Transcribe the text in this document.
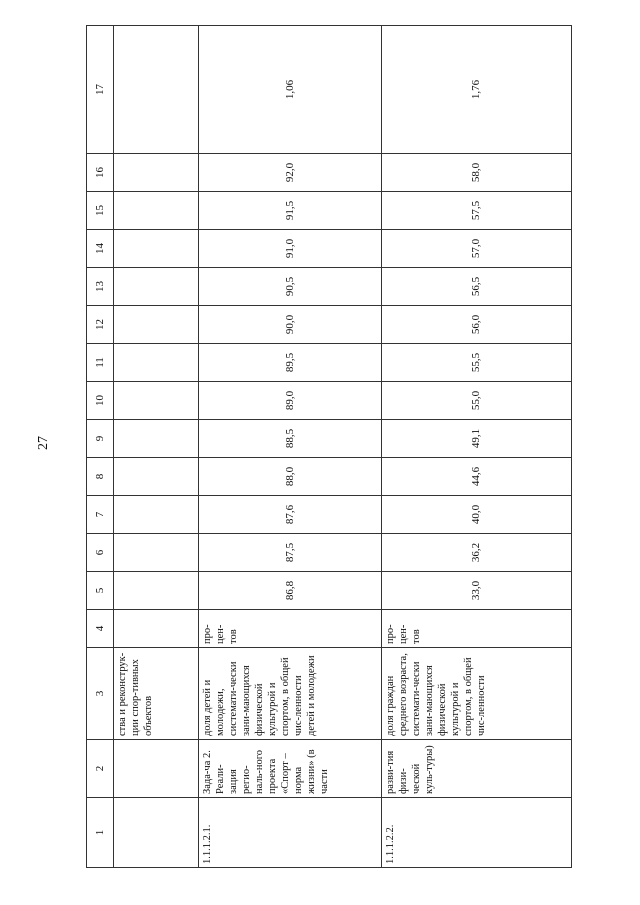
27
1	2	3	4	5	6	7	8	9	10	11	12	13	14	15	16	17
		ства и реконструк-ции спор-тивных объектов														
1.1.1.2.1.	Зада-ча 2. Реали-зация регио-наль-ного проекта «Спорт – норма жизни» (в части	доля детей и молодежи, системати-чески зани-мающихся физической культурой и спортом, в общей чис-ленности детей и молодежи	про-цен-тов	86,8	87,5	87,6	88,0	88,5	89,0	89,5	90,0	90,5	91,0	91,5	92,0	1,06
1.1.1.2.2.	разви-тия физи-ческой куль-туры)	доля граждан среднего возраста, системати-чески зани-мающихся физической культурой и спортом, в общей чис-ленности	про-цен-тов	33,0	36,2	40,0	44,6	49,1	55,0	55,5	56,0	56,5	57,0	57,5	58,0	1,76
